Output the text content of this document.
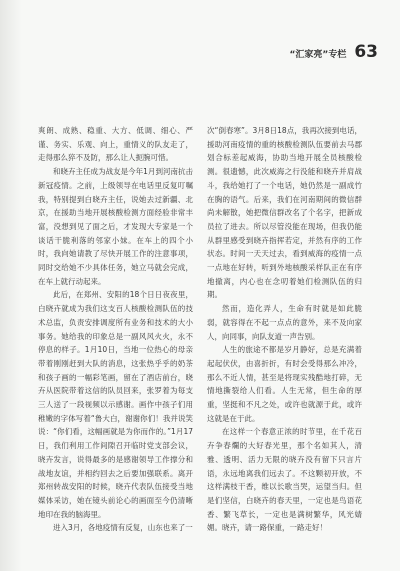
“汇家亮”专栏 63

爽朗、成熟、稳重、大方、低调、细心、严谨、务实、乐观、向上，重情义的队友走了，走得那么猝不及防，那么让人扼腕可惜。

和晓卉主任成为战友是今年1月到河南抗击新冠疫情。之前，上级领导在电话里反复叮嘱我，特别提到白晓卉主任，说她去过新疆、北京，在援助当地开展核酸检测方面经验非常丰富，没想到见了面之后，才发现大专家是一个谈话干脆利落的邻家小妹。在车上的四个小时，我向她请教了尽快开展工作的注意事项，同时交给她不少具体任务，她立马就会完成，在车上就行动起来。

此后，在郑州、安阳的18个日日夜夜里，白晓卉就成为我们这支百人核酸检测队伍的技术总监，负责安排调度所有业务和技术的大小事务。她给我的印象总是一副风风火火，永不停息的样子。1月10日，当地一位热心的母亲带着刚刚赶到大队的消息，这张热乎乎的奶茶和孩子画的一幅彩笔画，留在了酒店前台，晓卉从医院带着这信的队员回来，张罗着为每支三人送了一段视频以示感谢。画作中孩子们用稚嫩的字体写着“鲁大白，谢谢你们！我并说笑说：“你们看，这幅画就是为你而作的。”1月17日，我们利用工作间隙召开临时党支部会议，晓卉发言，说得最多的是感谢领导工作撑分和战地友谊，并相约回去之后要加强联系。离开郑州转战安阳的时候，晓卉代表队伍接受当地媒体采访，她在镜头前论心的画面至今仍清晰地印在我的脑海里。

进入3月，各地疫情有反复，山东也来了一

次“倒春寒”。3月8日18点，我再次接到电话，援助河南疫情的重的核酸检测队伍要前去马郡划合标差起威海，协助当地开展全员核酸检测。很遗憾，此次威海之行没能和晓卉并肩战斗，我给她打了一个电话，她仍然是一副成竹在胸的语气。后来，我们在河南期间的微信群尚未解散，她把微信群改名了个名字，把新成员拉了进去。所以尽管没能在现场，但我仍能从群里感受到晓卉指挥若定，并然有序的工作状态。时间一天天过去，看到威海的疫情一点一点地在好转，听到外地核酸采样队正在有序地撤离，内心也在念叨着她们检测队伍的归期。

然而，造化弄人，生命有时就是如此脆弱，就容得在不起一点点的意外，来不及向家人，向同事，向队友道一声告别。

人生的旅途不都是岁月静好，总是充满着起起伏伏，由喜折折，有时会受得那么冲冷，那么不近人情，甚至是将现实残酷地打碎，无情地撕裂给人们看。人生无常，但生命的厚重，坚挺和不凡之处，或许也就源于此，或许这就是在于此。

在这样一个春意正浓的时节里，在千花百卉争春爛的大好春光里，那个名如其人，清雅、透明、活力无限的晓卉没有留下只言片语，永远地离我们远去了。不这颗初开放，不这样满枝干香，维以长歌当哭，运望当归。但是们坚信，白晓卉的春天里，一定也是鸟语花香、繁飞草长，一定也是满树繁华，风光婧媚。晓卉，请一路保重，一路走好！
